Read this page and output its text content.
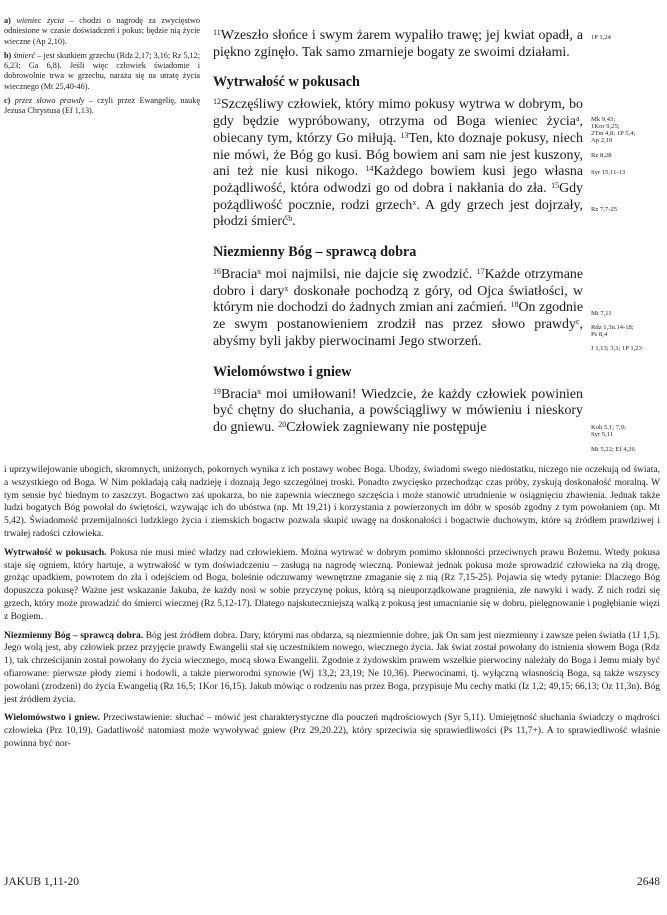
a) wieniec życia – chodzi o nagrodę za zwycięstwo odniesione w czasie doświadczeń i pokus; będzie nią życie wieczne (Ap 2,10).

b) śmierć – jest skutkiem grzechu (Rdz 2,17; 3,16; Rz 5,12; 6,23; Ga 6,8). Jeśli więc człowiek świadomie i dobrowolnie trwa w grzechu, naraża się na utratę życia wiecznego (Mt 25,40-46).

c) przez słowo prawdy – czyli przez Ewangelię, naukę Jezusa Chrystusa (Ef 1,13).

$^{11}$Wzeszło słońce i swym żarem wypaliło trawę; jej kwiat opadł, a piękno zginęło. Tak samo zmarnieje bogaty ze swoimi działami.

Wytrwałość w pokusach

$^{12}$Szczęśliwy człowiek, który mimo pokusy wytrwa w dobrym, bo gdy będzie wypróbowany, otrzyma od Boga wieniec życia$^a$, obiecany tym, którzy Go miłują. $^{13}$Ten, kto doznaje pokusy, niech nie mówi, że Bóg go kusi. Bóg bowiem ani sam nie jest kuszony, ani też nie kusi nikogo. $^{14}$Każdego bowiem kusi jego własna pożądliwość, która odwodzi go od dobra i nakłania do zła. $^{15}$Gdy pożądliwość pocznie, rodzi grzech$^x$. A gdy grzech jest dojrzały, płodzi śmierć$^b$.

Niezmienny Bóg – sprawcą dobra

$^{16}$Bracia$^x$ moi najmilsi, nie dajcie się zwodzić. $^{17}$Każde otrzymane dobro i dary$^x$ doskonałe pochodzą z góry, od Ojca światłości, w którym nie dochodzi do żadnych zmian ani zaćmień. $^{18}$On zgodnie ze swym postanowieniem zrodził nas przez słowo prawdy$^c$, abyśmy byli jakby pierwocinami Jego stworzeń.

Wielomówstwo i gniew

$^{19}$Bracia$^x$ moi umiłowani! Wiedzcie, że każdy człowiek powinien być chętny do słuchania, a powściągliwy w mówieniu i nieskory do gniewu. $^{20}$Człowiek zagniewany nie postępuje

1P 1,24
Mk 9,43;
1Kor 9,25;
2Tm 4,8; 1P 5,4;
Ap 2,10
Rz 8,28
Syr 15,11-13
Rz 7,7-25
Mt 7,11
Rdz 1,3n.14-18;
Ps 8,4
J 1,13; 3,3; 1P 1,23
Koh 5,1; 7,9;
Syr 5,11
Mt 5,22; Ef 4,26

i uprzywilejowanie ubogich, skromnych, uniżonych, pokornych wynika z ich postawy wobec Boga. Ubodzy, świadomi swego niedostatku, niczego nie oczekują od świata, a wszystkiego od Boga. W Nim pokładają całą nadzieję i doznają Jego szczególnej troski. Ponadto zwycięsko przechodząc czas próby, zyskują doskonałość moralną. W tym sensie być biednym to zaszczyt. Bogactwo zaś upokarza, bo nie zapewnia wiecznego szczęścia i może stanowić utrudnienie w osiągnięciu zbawienia. Jednak także ludzi bogatych Bóg powołał do świętości, wzywając ich do ubóstwa (np. Mt 19,21) i korzystania z powierzonych im dóbr w sposób zgodny z tym powołaniem (np. Mt 5,42). Świadomość przemijalności ludzkiego życia i ziemskich bogactw pozwala skupić uwagę na doskonałości i bogactwie duchowym, które są źródłem prawdziwej i trwałej radości człowieka.

Wytrwałość w pokusach. Pokusa nie musi mieć władzy nad człowiekiem. Można wytrwać w dobrym pomimo skłonności przeciwnych prawu Bożemu. Wtedy pokusa staje się ogniem, który hartuje, a wytrwałość w tym doświadczeniu – zasługą na nagrodę wieczną. Ponieważ jednak pokusa może sprowadzić człowieka na złą drogę, grożąc upadkiem, powrotem do zła i odejściem od Boga, boleśnie odczuwamy wewnętrzne zmaganie się z nią (Rz 7,15-25). Pojawia się wtedy pytanie: Dlaczego Bóg dopuszcza pokusę? Ważne jest wskazanie Jakuba, że każdy nosi w sobie przyczynę pokus, którą są nieuporządkowane pragnienia, złe nawyki i wady. Z nich rodzi się grzech, który może prowadzić do śmierci wiecznej (Rz 5,12-17). Dlatego najskuteczniejszą walką z pokusą jest umacnianie się w dobru, pielęgnowanie i pogłębianie więzi z Bogiem.

Niezmienny Bóg – sprawcą dobra. Bóg jest źródłem dobra. Dary, którymi nas obdarza, są niezmiennie dobre, jak On sam jest niezmienny i zawsze pełen światła (1J 1,5). Jego wolą jest, aby człowiek przez przyjęcie prawdy Ewangelii stał się uczestnikiem nowego, wiecznego życia. Jak świat został powołany do istnienia słowem Boga (Rdz 1), tak chrześcijanin został powołany do życia wiecznego, mocą słowa Ewangelii. Zgodnie z żydowskim prawem wszelkie pierwociny należały do Boga i Jemu miały być ofiarowane: pierwsze płody ziemi i hodowli, a także pierworodni synowie (Wj 13,2; 23,19; Ne 10,36). Pierwocinami, tj. wyłączną własnością Boga, są także wszyscy powołani (zrodzeni) do życia Ewangelią (Rz 16,5; 1Kor 16,15). Jakub mówiąc o rodzeniu nas przez Boga, przypisuje Mu cechy matki (Iz 1,2; 49,15; 66,13; Oz 11,3n). Bóg jest źródłem życia.

Wielomówstwo i gniew. Przeciwstawienie: słuchać – mówić jest charakterystyczne dla pouczeń mądrościowych (Syr 5,11). Umiejętność słuchania świadczy o mądrości człowieka (Prz 10,19). Gadatliwość natomiast może wywoływać gniew (Prz 29,20.22), który sprzeciwia się sprawiedliwości (Ps 11,7+). A to sprawiedliwość właśnie powinna być nor-

JAKUB 1,11-20	2648
